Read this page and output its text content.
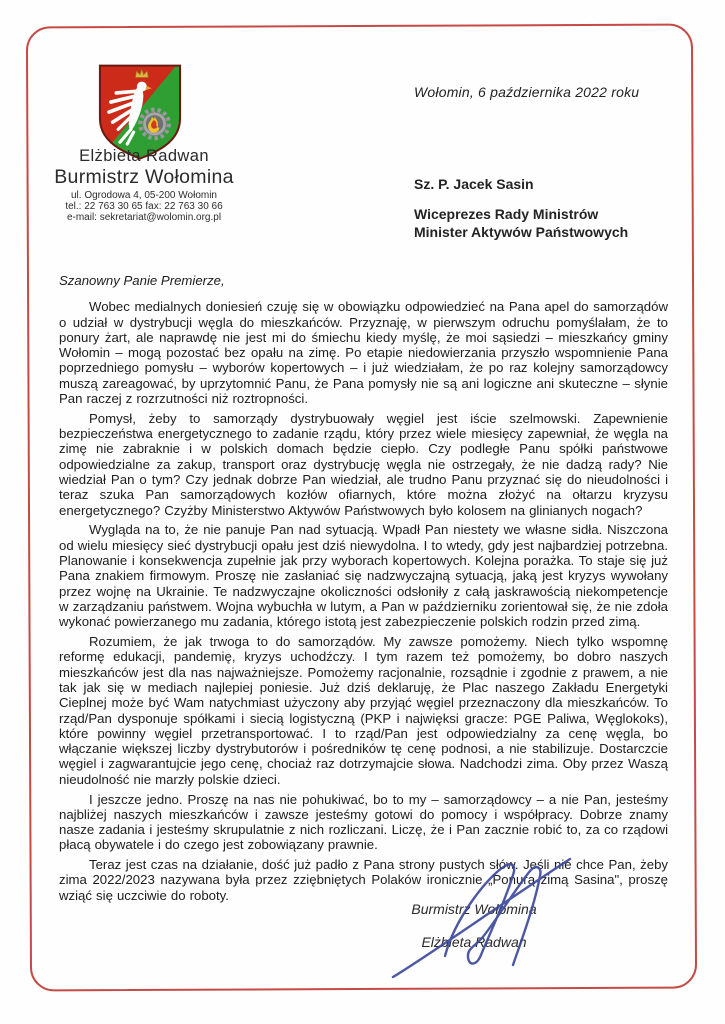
Elżbieta Radwan
Burmistrz Wołomina
ul. Ogrodowa 4, 05-200 Wołomin
tel.: 22 763 30 65 fax: 22 763 30 66
e-mail: sekretariat@wolomin.org.pl
Wołomin, 6 października 2022 roku
Sz. P. Jacek Sasin
Wiceprezes Rady Ministrów
Minister Aktywów Państwowych
Szanowny Panie Premierze,

Wobec medialnych doniesień czuję się w obowiązku odpowiedzieć na Pana apel do samorządów o udział w dystrybucji węgla do mieszkańców. Przyznaję, w pierwszym odruchu pomyślałam, że to ponury żart, ale naprawdę nie jest mi do śmiechu kiedy myślę, że moi sąsiedzi – mieszkańcy gminy Wołomin – mogą pozostać bez opału na zimę. Po etapie niedowierzania przyszło wspomnienie Pana poprzedniego pomysłu – wyborów kopertowych – i już wiedziałam, że po raz kolejny samorządowcy muszą zareagować, by uprzytomnić Panu, że Pana pomysły nie są ani logiczne ani skuteczne – słynie Pan raczej z rozrzutności niż roztropności.

Pomysł, żeby to samorządy dystrybuowały węgiel jest iście szelmowski. Zapewnienie bezpieczeństwa energetycznego to zadanie rządu, który przez wiele miesięcy zapewniał, że węgla na zimę nie zabraknie i w polskich domach będzie ciepło. Czy podległe Panu spółki państwowe odpowiedzialne za zakup, transport oraz dystrybucję węgla nie ostrzegały, że nie dadzą rady? Nie wiedział Pan o tym? Czy jednak dobrze Pan wiedział, ale trudno Panu przyznać się do nieudolności i teraz szuka Pan samorządowych kozłów ofiarnych, które można złożyć na ołtarzu kryzysu energetycznego? Czyżby Ministerstwo Aktywów Państwowych było kolosem na glinianych nogach?

Wygląda na to, że nie panuje Pan nad sytuacją. Wpadł Pan niestety we własne sidła. Niszczona od wielu miesięcy sieć dystrybucji opału jest dziś niewydolna. I to wtedy, gdy jest najbardziej potrzebna. Planowanie i konsekwencja zupełnie jak przy wyborach kopertowych. Kolejna porażka. To staje się już Pana znakiem firmowym. Proszę nie zasłaniać się nadzwyczajną sytuacją, jaką jest kryzys wywołany przez wojnę na Ukrainie. Te nadzwyczajne okoliczności odsłoniły z całą jaskrawością niekompetencje w zarządzaniu państwem. Wojna wybuchła w lutym, a Pan w październiku zorientował się, że nie zdoła wykonać powierzanego mu zadania, którego istotą jest zabezpieczenie polskich rodzin przed zimą.

Rozumiem, że jak trwoga to do samorządów. My zawsze pomożemy. Niech tylko wspomnę reformę edukacji, pandemię, kryzys uchodźczy. I tym razem też pomożemy, bo dobro naszych mieszkańców jest dla nas najważniejsze. Pomożemy racjonalnie, rozsądnie i zgodnie z prawem, a nie tak jak się w mediach najlepiej poniesie. Już dziś deklaruję, że Plac naszego Zakładu Energetyki Cieplnej może być Wam natychmiast użyczony aby przyjąć węgiel przeznaczony dla mieszkańców. To rząd/Pan dysponuje spółkami i siecią logistyczną (PKP i najwięksi gracze: PGE Paliwa, Węglokoks), które powinny węgiel przetransportować. I to rząd/Pan jest odpowiedzialny za cenę węgla, bo włączanie większej liczby dystrybutorów i pośredników tę cenę podnosi, a nie stabilizuje. Dostarczcie węgiel i zagwarantujcie jego cenę, chociaż raz dotrzymajcie słowa. Nadchodzi zima. Oby przez Waszą nieudolność nie marzły polskie dzieci.

I jeszcze jedno. Proszę na nas nie pohukiwać, bo to my – samorządowcy – a nie Pan, jesteśmy najbliżej naszych mieszkańców i zawsze jesteśmy gotowi do pomocy i współpracy. Dobrze znamy nasze zadania i jesteśmy skrupulatnie z nich rozliczani. Liczę, że i Pan zacznie robić to, za co rządowi płacą obywatele i do czego jest zobowiązany prawnie.

Teraz jest czas na działanie, dość już padło z Pana strony pustych słów. Jeśli nie chce Pan, żeby zima 2022/2023 nazywana była przez zziębniętych Polaków ironicznie „Ponurą zimą Sasina", proszę wziąć się uczciwie do roboty.

Burmistrz Wołomina
Elżbieta Radwan
